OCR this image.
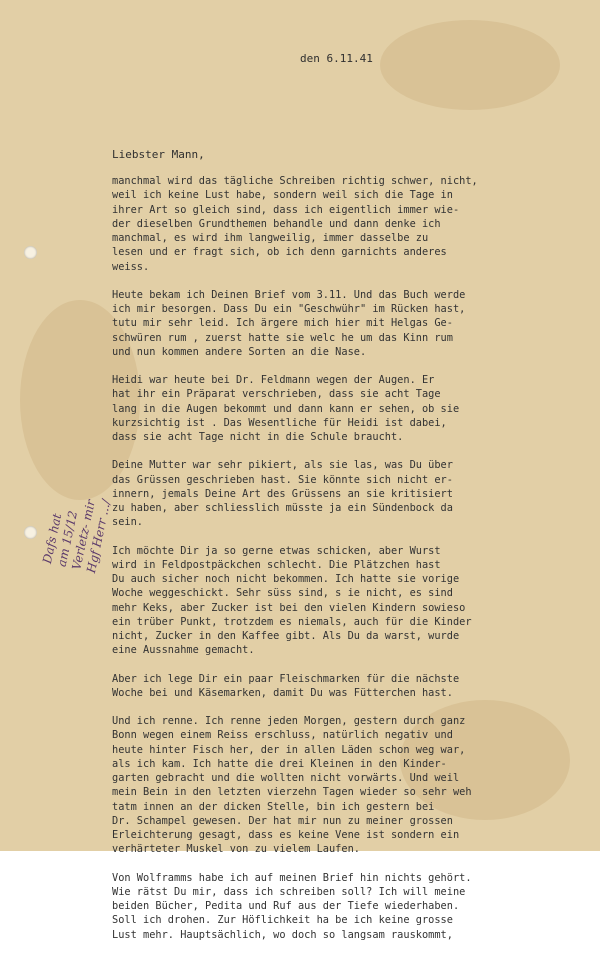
den 6.11.41
Liebster Mann,

manchmal wird das tägliche Schreiben richtig schwer, nicht,
weil ich keine Lust habe, sondern weil sich die Tage in
ihrer Art so gleich sind, dass ich eigentlich immer wie-
der dieselben Grundthemen behandle und dann denke ich
manchmal, es wird ihm langweilig, immer dasselbe zu
lesen und er fragt sich, ob ich denn garnichts anderes
weiss.

Heute bekam ich Deinen Brief vom 3.11. Und das Buch werde
ich mir besorgen. Dass Du ein "Geschwühr" im Rücken hast,
tutu mir sehr leid. Ich ärgere mich hier mit Helgas Ge-
schwüren rum , zuerst hatte sie welc he um das Kinn rum
und nun kommen andere Sorten an die Nase.

Heidi war heute bei Dr. Feldmann wegen der Augen. Er
hat ihr ein Präparat verschrieben, dass sie acht Tage
lang in die Augen bekommt und dann kann er sehen, ob sie
kurzsichtig ist . Das Wesentliche für Heidi ist dabei,
dass sie acht Tage nicht in die Schule braucht.

Deine Mutter war sehr pikiert, als sie las, was Du über
das Grüssen geschrieben hast. Sie könnte sich nicht er-
innern, jemals Deine Art des Grüssens an sie kritisiert
zu haben, aber schliesslich müsste ja ein Sündenbock da
sein.

Ich möchte Dir ja so gerne etwas schicken, aber Wurst
wird in Feldpostpäckchen schlecht. Die Plätzchen hast
Du auch sicher noch nicht bekommen. Ich hatte sie vorige
Woche weggeschickt. Sehr süss sind, s ie nicht, es sind
mehr Keks, aber Zucker ist bei den vielen Kindern sowieso
ein trüber Punkt, trotzdem es niemals, auch für die Kinder
nicht, Zucker in den Kaffee gibt. Als Du da warst, wurde
eine Aussnahme gemacht.

Aber ich lege Dir ein paar Fleischmarken für die nächste
Woche bei und Käsemarken, damit Du was Fütterchen hast.

Und ich renne. Ich renne jeden Morgen, gestern durch ganz
Bonn wegen einem Reiss erschluss, natürlich negativ und
heute hinter Fisch her, der in allen Läden schon weg war,
als ich kam. Ich hatte die drei Kleinen in den Kinder-
garten gebracht und die wollten nicht vorwärts. Und weil
mein Bein in den letzten vierzehn Tagen wieder so sehr weh
tatm innen an der dicken Stelle, bin ich gestern bei
Dr. Schampel gewesen. Der hat mir nun zu meiner grossen
Erleichterung gesagt, dass es keine Vene ist sondern ein
verhärteter Muskel von zu vielem Laufen.

Von Wolframms habe ich auf meinen Brief hin nichts gehört.
Wie rätst Du mir, dass ich schreiben soll? Ich will meine
beiden Bücher, Pedita und Ruf aus der Tiefe wiederhaben.
Soll ich drohen. Zur Höflichkeit ha be ich keine grosse
Lust mehr. Hauptsächlich, wo doch so langsam rauskommt,

Dafs hat
am 15/12
Verletz- mir
Hgf Herr .../
